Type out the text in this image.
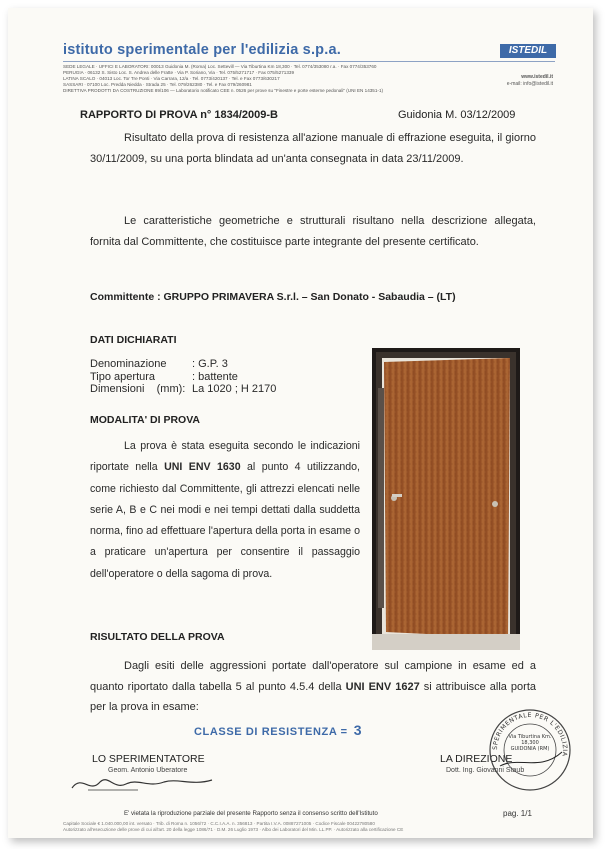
istituto sperimentale per l'edilizia s.p.a.	ISTEDIL
SEDE LEGALE · UFFICI E LABORATORI: 00013 Guidonia M. (Roma) Loc. Settevill — Via Tiburtina Km 18,300 · Tel. 0774/353080 r.a. · Fax 0774/353760
PERUGIA · 06132 S. Sisto Loc. S. Andrea delle Fratte · Via P. Soriano, Via · Tel. 075/5271717 · Fax 075/5271339
LATINA SCALO · 04013 Loc. Tor Tre Ponti · Via Carrara, 12/a · Tel. 0773/420137 · Tel. e Fax 0773/630217
SASSARI · 07100 Loc. Predda Niedda · Strada 25 · Tel. 079/262380 · Tel. e Fax 079/260981
DIRETTIVA PRODOTTI DA COSTRUZIONE 89/106 — Laboratorio notificato CEE n. 0526 per prove su "Finestre e porte esterne pedonali" (UNI EN 14351-1)
www.istedil.it
e-mail: info@istedil.it
RAPPORTO DI PROVA n° 1834/2009-B	Guidonia M. 03/12/2009
Risultato della prova di resistenza all'azione manuale di effrazione eseguita, il giorno 30/11/2009, su una porta blindata ad un'anta consegnata in data 23/11/2009.
Le caratteristiche geometriche e strutturali risultano nella descrizione allegata, fornita dal Committente, che costituisce parte integrante del presente certificato.
Committente : GRUPPO PRIMAVERA S.r.l. – San Donato - Sabaudia – (LT)
DATI DICHIARATI
Denominazione : G.P. 3
Tipo apertura	: battente
Dimensioni    (mm): La 1020 ; H 2170
MODALITA' DI PROVA
La prova è stata eseguita secondo le indicazioni riportate nella UNI ENV 1630 al punto 4 utilizzando, come richiesto dal Committente, gli attrezzi elencati nelle serie A, B e C nei modi e nei tempi dettati dalla suddetta norma, fino ad effettuare l'apertura della porta in esame o a praticare un'apertura per consentire il passaggio dell'operatore o della sagoma di prova.
RISULTATO DELLA PROVA
Dagli esiti delle aggressioni portate dall'operatore sul campione in esame ed a quanto riportato dalla tabella 5 al punto 4.5.4 della UNI ENV 1627 si attribuisce alla porta per la prova in esame:
CLASSE DI RESISTENZA = 3
LO SPERIMENTATORE
Geom. Antonio Uberatore
LA DIREZIONE
Dott. Ing. Giovanni Staub
SPERIMENTALE PER L'EDILIZIA
Via Tiburtina Km. 18,300 GUIDONIA (RM)
E' vietata la riproduzione parziale del presente Rapporto senza il consenso scritto dell'Istituto	pag. 1/1
Capitale Sociale € 1.040.000,00 int. versato · Trib. di Roma n. 1056/72 · C.C.I.A.A. n. 356813 · Partita I.V.A. 00887271005 · Codice Fiscale 00422780580
Autorizzato all'esecuzione delle prove di cui all'art. 20 della legge 1086/71 · D.M. 26 Luglio 1973 · Albo dei Laboratori del Min. LL.PP. · Autorizzato alla certificazione CE
